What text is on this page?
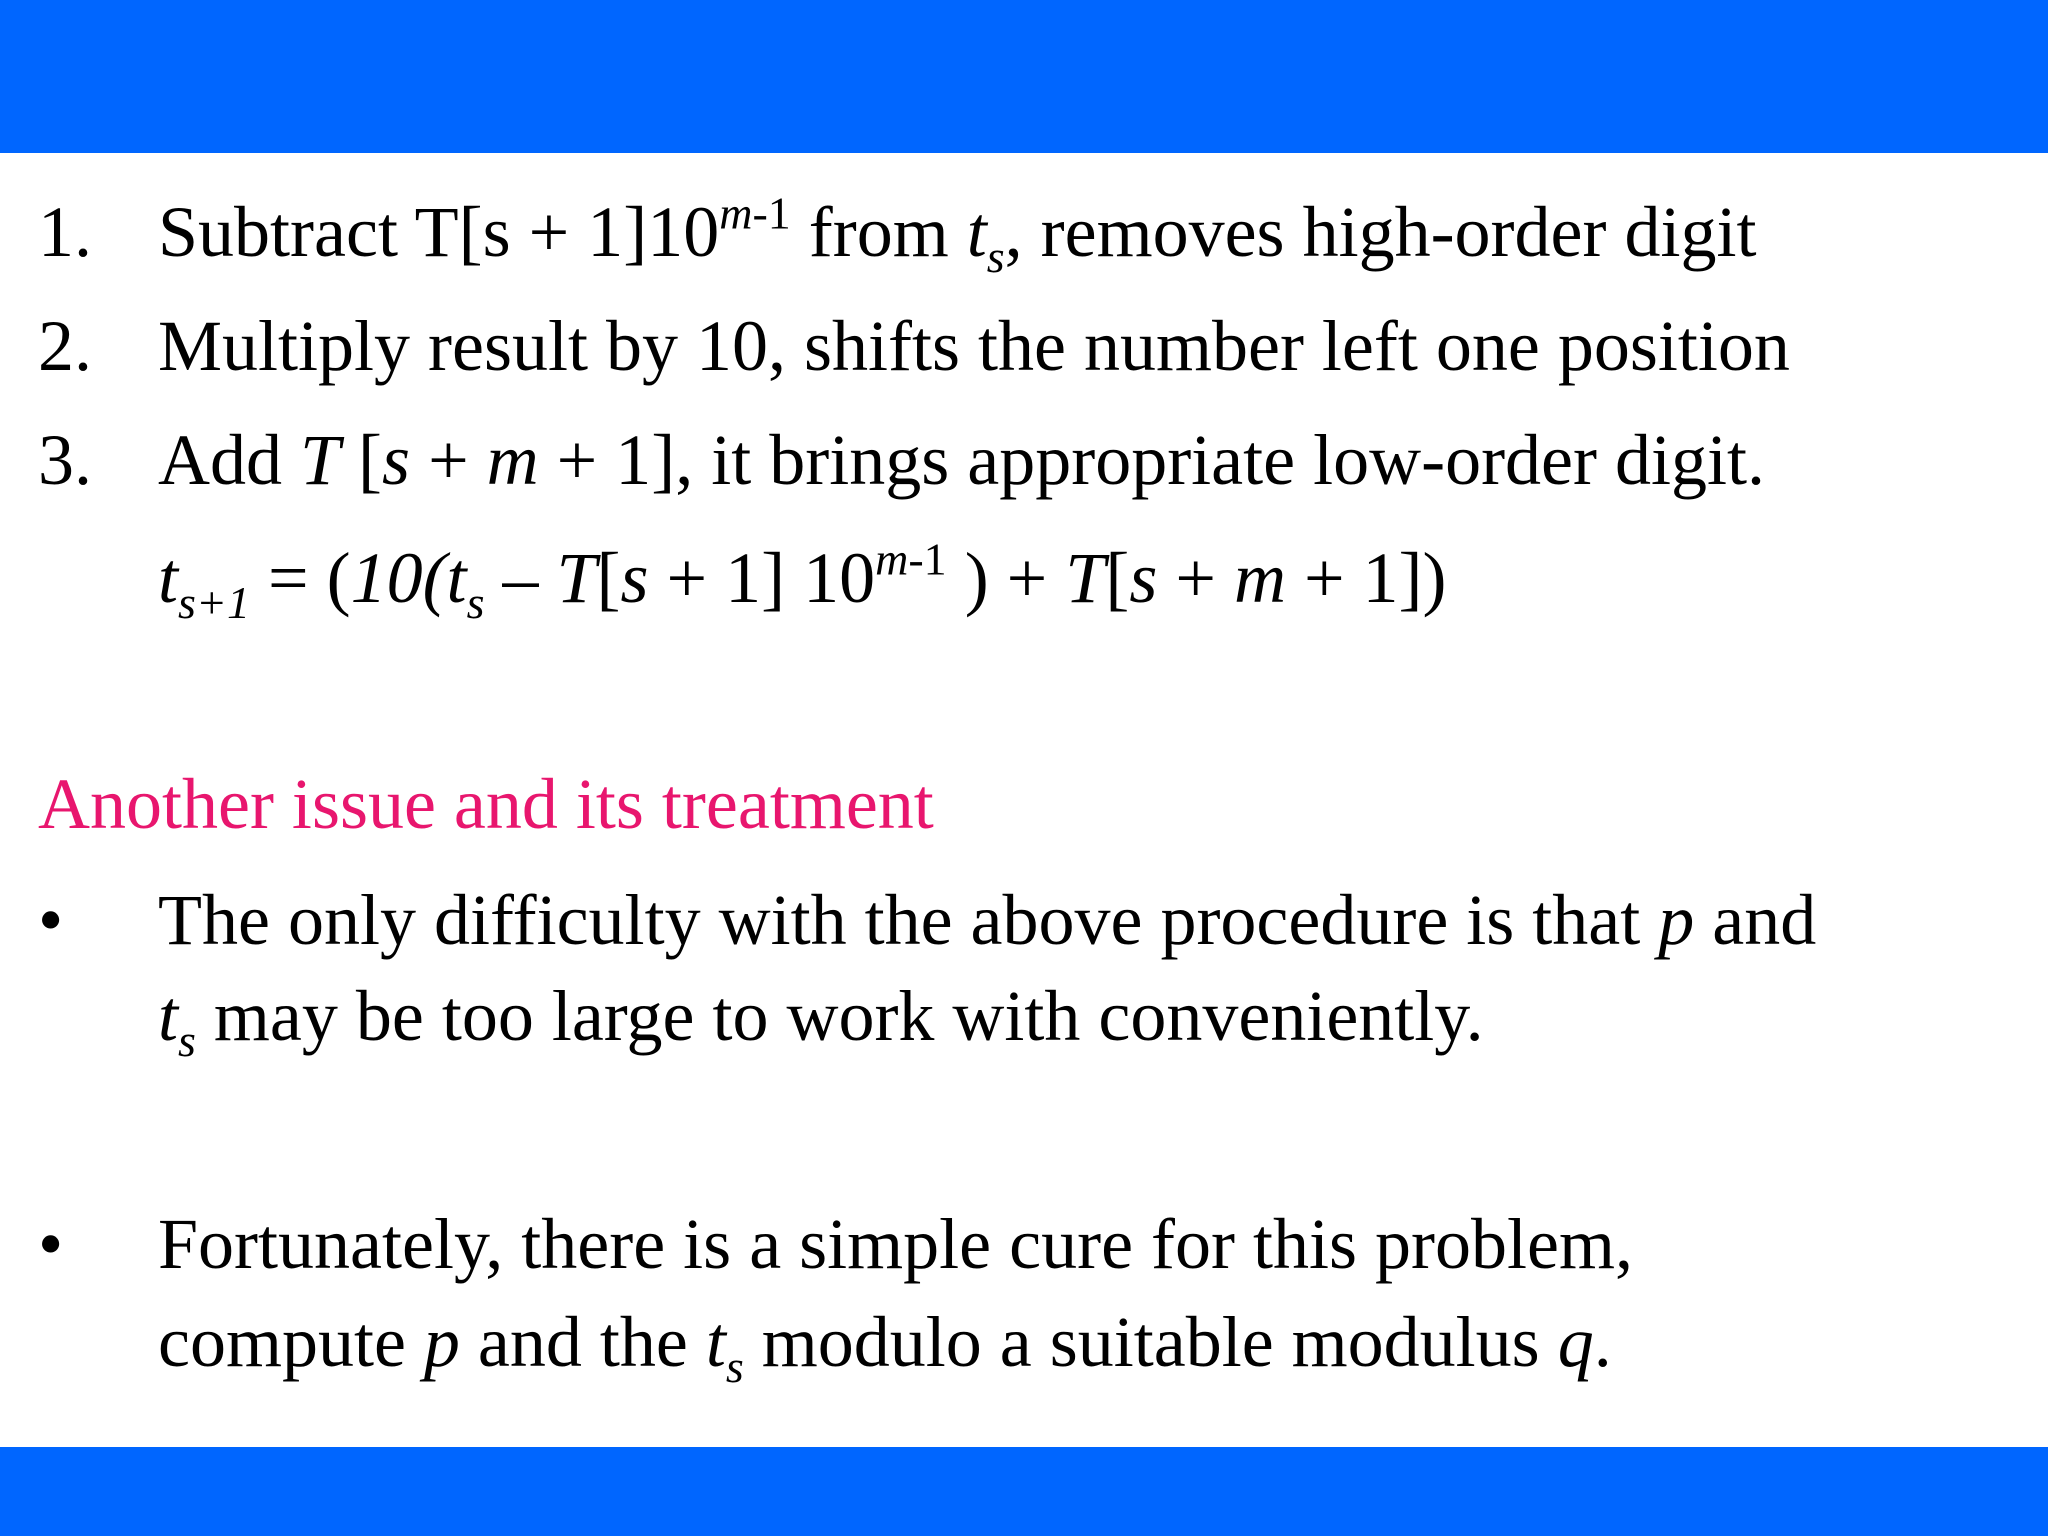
1. Subtract $T[s + 1]10^{m-1}$ from $t_s$, removes high-order digit
2. Multiply result by 10, shifts the number left one position
3. Add T [s + m + 1], it brings appropriate low-order digit.
$t_{s+1} = (10(t_s - T[s + 1]$ 10$^{m-1}$ ) + T[s + m + 1])
Another issue and its treatment
• The only difficulty with the above procedure is that p and
$t_s$ may be too large to work with conveniently.
• Fortunately, there is a simple cure for this problem,
compute p and the $t_s$ modulo a suitable modulus q.
